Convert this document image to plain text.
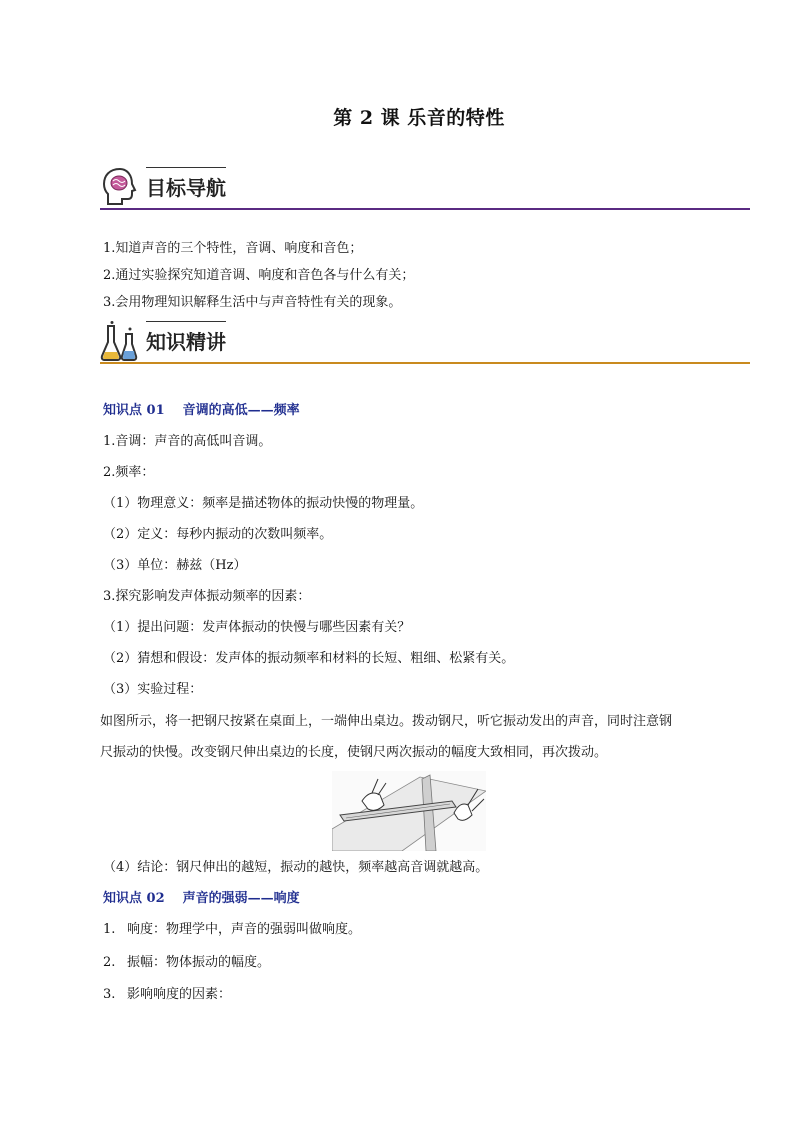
第 2 课 乐音的特性
目标导航
1.知道声音的三个特性，音调、响度和音色；
2.通过实验探究知道音调、响度和音色各与什么有关；
3.会用物理知识解释生活中与声音特性有关的现象。
知识精讲
知识点 01 音调的高低——频率
1.音调：声音的高低叫音调。
2.频率：
（1）物理意义：频率是描述物体的振动快慢的物理量。
（2）定义：每秒内振动的次数叫频率。
（3）单位：赫兹（Hz）
3.探究影响发声体振动频率的因素：
（1）提出问题：发声体振动的快慢与哪些因素有关？
（2）猜想和假设：发声体的振动频率和材料的长短、粗细、松紧有关。
（3）实验过程：
如图所示，将一把钢尺按紧在桌面上，一端伸出桌边。拨动钢尺，听它振动发出的声音，同时注意钢
尺振动的快慢。改变钢尺伸出桌边的长度，使钢尺两次振动的幅度大致相同，再次拨动。
（4）结论：钢尺伸出的越短，振动的越快，频率越高音调就越高。
知识点 02 声音的强弱——响度
1. 响度：物理学中，声音的强弱叫做响度。
2. 振幅：物体振动的幅度。
3. 影响响度的因素：
